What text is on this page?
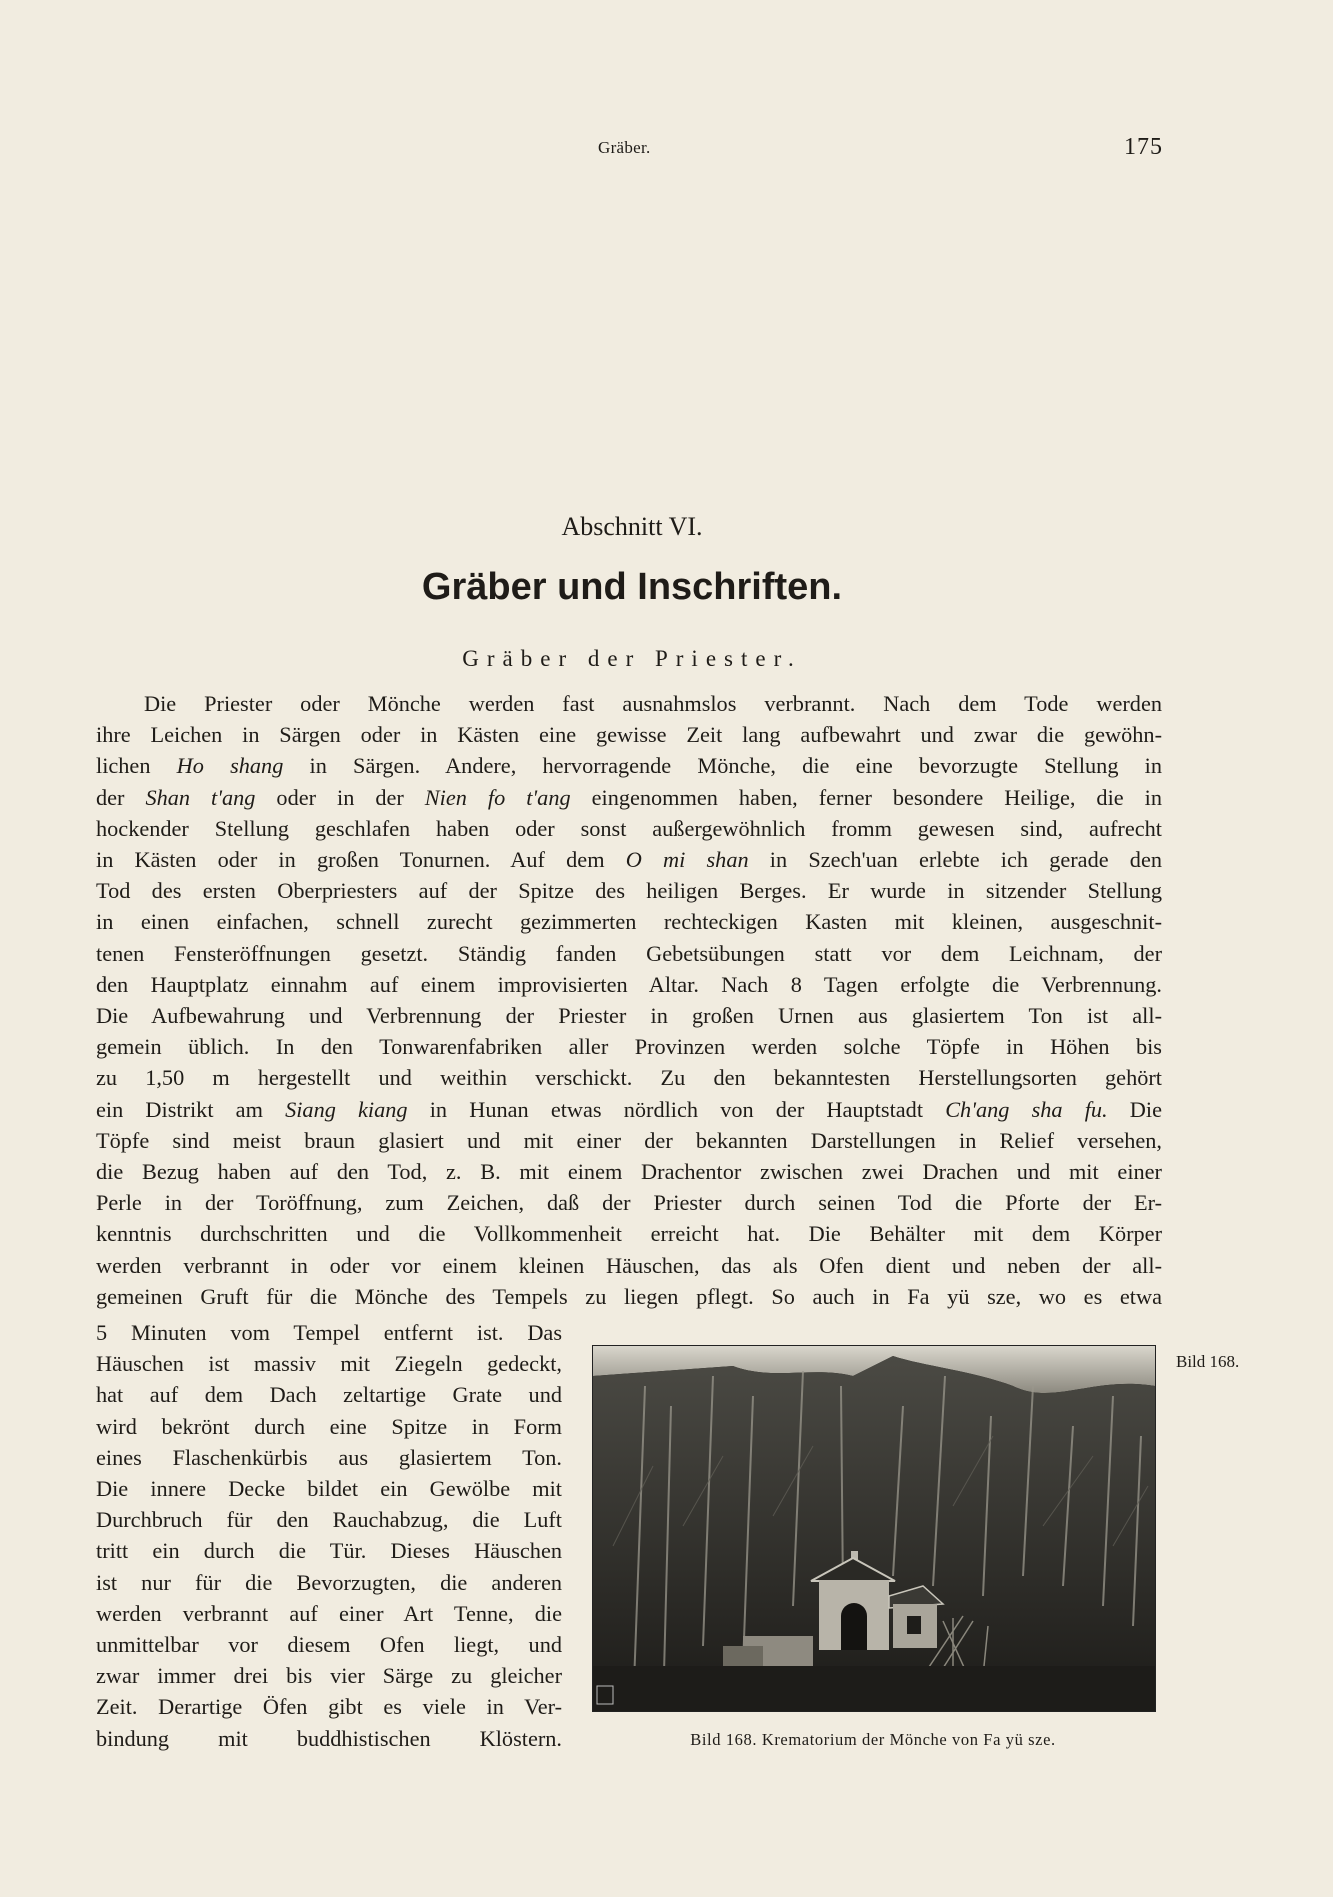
Gräber.	175
Abschnitt VI.
Gräber und Inschriften.
Gräber der Priester.
Die Priester oder Mönche werden fast ausnahmslos verbrannt. Nach dem Tode werden
ihre Leichen in Särgen oder in Kästen eine gewisse Zeit lang aufbewahrt und zwar die gewöhn-
lichen Ho shang in Särgen. Andere, hervorragende Mönche, die eine bevorzugte Stellung in
der Shan t'ang oder in der Nien fo t'ang eingenommen haben, ferner besondere Heilige, die in
hockender Stellung geschlafen haben oder sonst außergewöhnlich fromm gewesen sind, aufrecht
in Kästen oder in großen Tonurnen. Auf dem O mi shan in Szech'uan erlebte ich gerade den
Tod des ersten Oberpriesters auf der Spitze des heiligen Berges. Er wurde in sitzender Stellung
in einen einfachen, schnell zurecht gezimmerten rechteckigen Kasten mit kleinen, ausgeschnit-
tenen Fensteröffnungen gesetzt. Ständig fanden Gebetsübungen statt vor dem Leichnam, der
den Hauptplatz einnahm auf einem improvisierten Altar. Nach 8 Tagen erfolgte die Verbrennung.
Die Aufbewahrung und Verbrennung der Priester in großen Urnen aus glasiertem Ton ist all-
gemein üblich. In den Tonwarenfabriken aller Provinzen werden solche Töpfe in Höhen bis
zu 1,50 m hergestellt und weithin verschickt. Zu den bekanntesten Herstellungsorten gehört
ein Distrikt am Siang kiang in Hunan etwas nördlich von der Hauptstadt Ch'ang sha fu. Die
Töpfe sind meist braun glasiert und mit einer der bekannten Darstellungen in Relief versehen,
die Bezug haben auf den Tod, z. B. mit einem Drachentor zwischen zwei Drachen und mit einer
Perle in der Toröffnung, zum Zeichen, daß der Priester durch seinen Tod die Pforte der Er-
kenntnis durchschritten und die Vollkommenheit erreicht hat. Die Behälter mit dem Körper
werden verbrannt in oder vor einem kleinen Häuschen, das als Ofen dient und neben der all-
gemeinen Gruft für die Mönche des Tempels zu liegen pflegt. So auch in Fa yü sze, wo es etwa
5 Minuten vom Tempel entfernt ist. Das
Häuschen ist massiv mit Ziegeln gedeckt,
hat auf dem Dach zeltartige Grate und
wird bekrönt durch eine Spitze in Form
eines Flaschenkürbis aus glasiertem Ton.
Die innere Decke bildet ein Gewölbe mit
Durchbruch für den Rauchabzug, die Luft
tritt ein durch die Tür. Dieses Häuschen
ist nur für die Bevorzugten, die anderen
werden verbrannt auf einer Art Tenne, die
unmittelbar vor diesem Ofen liegt, und
zwar immer drei bis vier Särge zu gleicher
Zeit. Derartige Öfen gibt es viele in Ver-
bindung mit buddhistischen Klöstern.
Bild 168.
Bild 168. Krematorium der Mönche von Fa yü sze.
